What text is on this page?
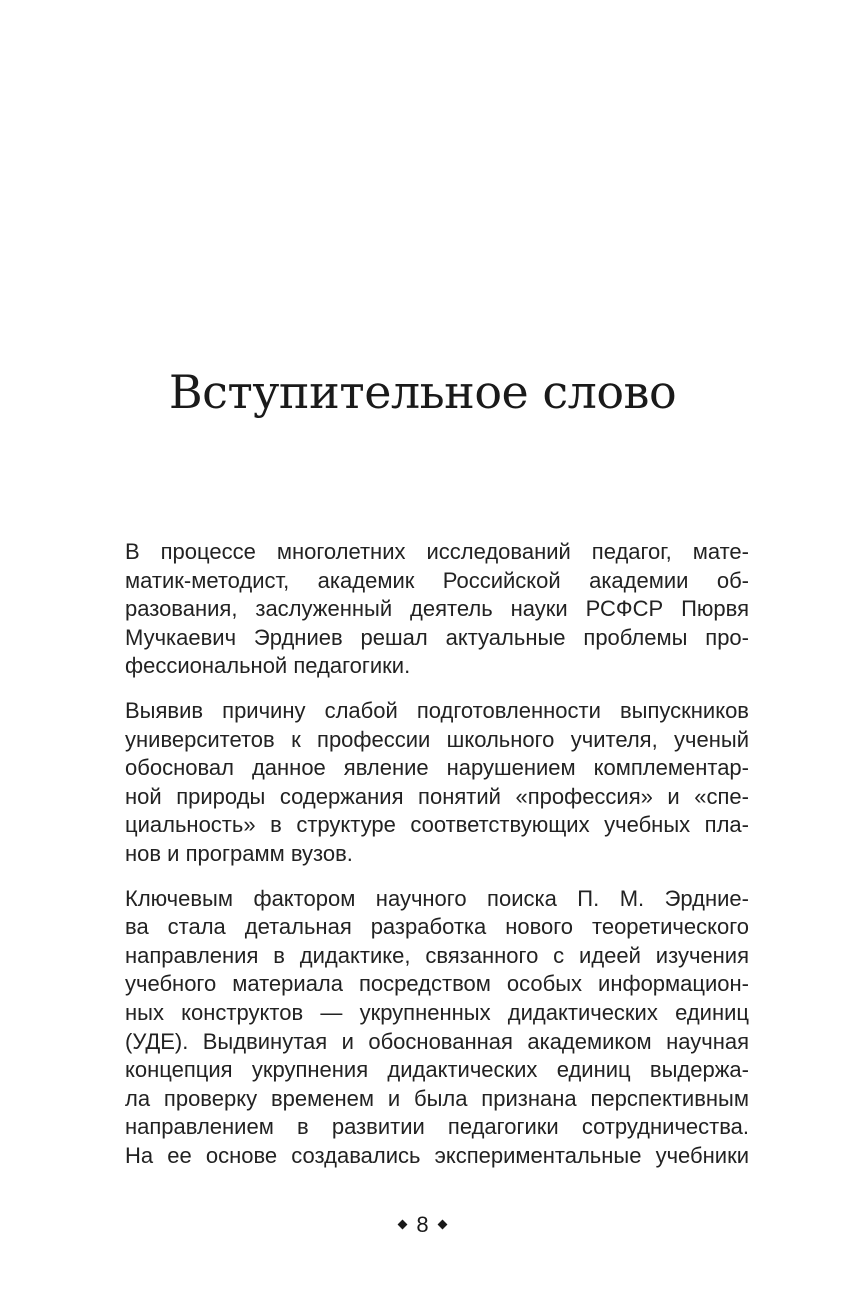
Вступительное слово

В процессе многолетних исследований педагог, мате-
матик-методист, академик Российской академии об-
разования, заслуженный деятель науки РСФСР Пюрвя
Мучкаевич Эрдниев решал актуальные проблемы про-
фессиональной педагогики.

Выявив причину слабой подготовленности выпускников
университетов к профессии школьного учителя, ученый
обосновал данное явление нарушением комплементар-
ной природы содержания понятий «профессия» и «спе-
циальность» в структуре соответствующих учебных пла-
нов и программ вузов.

Ключевым фактором научного поиска П. М. Эрдние-
ва стала детальная разработка нового теоретического
направления в дидактике, связанного с идеей изучения
учебного материала посредством особых информацион-
ных конструктов — укрупненных дидактических единиц
(УДЕ). Выдвинутая и обоснованная академиком научная
концепция укрупнения дидактических единиц выдержа-
ла проверку временем и была признана перспективным
направлением в развитии педагогики сотрудничества.
На ее основе создавались экспериментальные учебники

8
